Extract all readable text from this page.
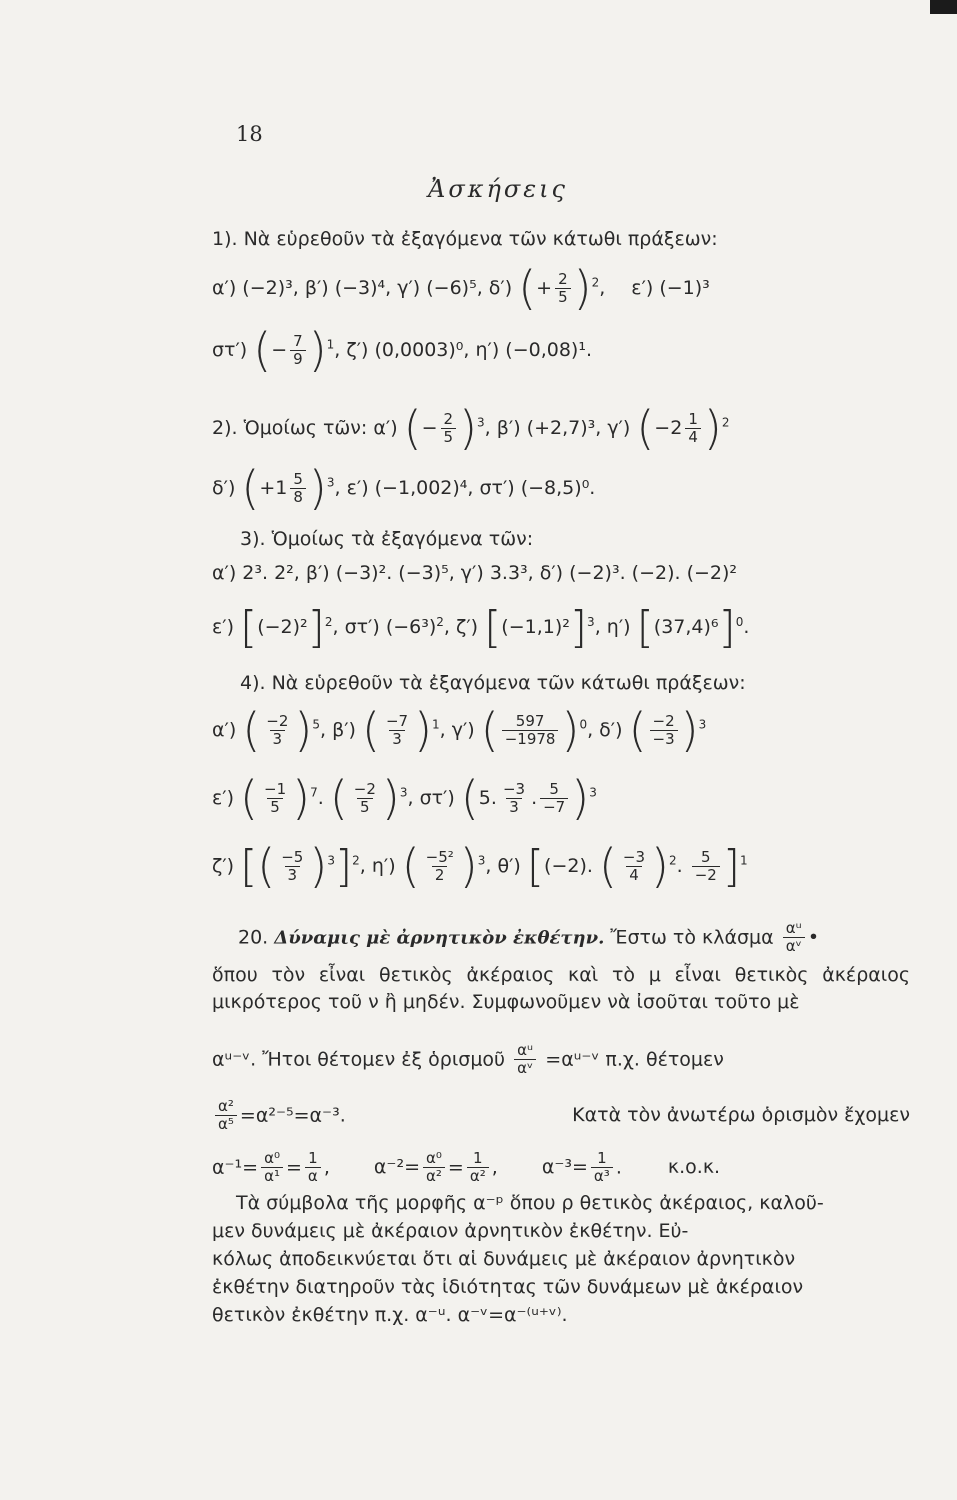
18
Ἀσκήσεις
1). Νὰ εὑρεθοῦν τὰ ἐξαγόμενα τῶν κάτωθι πράξεων:
α′) (−2)³, β′) (−3)⁴, γ′) (−6)⁵, δ′) (+ $\frac{2}{5} )^2$, ε′) (−1)³
στ′) (− $\frac{7}{9} )^1$, ζ′) (0,0003)⁰, η′) (−0,08)¹.
2). Ὁμοίως τῶν: α′) (− $\frac{2}{5} )^3$, β′) (+2,7)³, γ′) $(-2 \frac{1}{4} )^2$
δ′) $(+1 \frac{5}{8} )^3$, ε′) (−1,002)⁴, στ′) (−8,5)⁰.
3). Ὁμοίως τὰ ἐξαγόμενα τῶν:
α′) 2³. 2², β′) (−3)². (−3)⁵, γ′) 3.3³, δ′) (−2)³. (−2). (−2)²
ε′) $[(-2)^2]^2$, στ′) $(-6^3)^2$, ζ′) $[(-1,1)^2]^3$, η′) $[(37,4)^6]^0$.
4). Νὰ εὑρεθοῦν τὰ ἐξαγόμενα τῶν κάτωθι πράξεων:
α′) ( $\frac{-2}{3} )^5$, β′) ( $\frac{-7}{3} )^1$, γ′) ( $\frac{597}{-1978} )^0$, δ′) ( $\frac{-2}{-3} )^3$
ε′) ( $\frac{-1}{5} )^7$. ( $\frac{-2}{5} )^3$, στ′) (5. $\frac{-3}{3}$ . $\frac{5}{-7} )^3$
ζ′) [( $\frac{-5}{3} )^3]^2$, η′) ( $\frac{\text{−5²}}{2} )^3$, θ′) [(−2). ( $\frac{-3}{4} )^2$. $\frac{5}{-2} ]^1$
20. Δύναμις μὲ ἀρνητικὸν ἐκθέτην. Ἔστω τὸ κλάσμα $\frac{\text{αᵘ}}{\text{αᵛ}}$ •
ὅπου τὸν εἶναι θετικὸς ἀκέραιος καὶ τὸ μ εἶναι θετικὸς ἀκέραιος μικρότερος τοῦ ν ἢ μηδέν. Συμφωνοῦμεν νὰ ἰσοῦται τοῦτο μὲ
αᵘ⁻ᵛ. Ἤτοι θέτομεν ἐξ ὁρισμοῦ $\frac{\text{αᵘ}}{\text{αᵛ}}$ =αᵘ⁻ᵛ π.χ. θέτομεν
$\frac{\text{α²}}{\text{α⁵}} =\alpha^{2-5}=\alpha^{-3}$.	Κατὰ τὸν ἀνωτέρω ὁρισμὸν ἔχομεν
$\alpha^{-1}= \frac{\text{α⁰}}{\text{α¹}} = \frac{1}{\alpha}$ , $\alpha^{-2}= \frac{\text{α⁰}}{\text{α²}} = \frac{1}{\text{α²}}$ , $\alpha^{-3}= \frac{1}{\text{α³}}$ . κ.ο.κ.
Τὰ σύμβολα τῆς μορφῆς α⁻ᵖ ὅπου ρ θετικὸς ἀκέραιος, καλοῦ-
μεν δυνάμεις μὲ ἀκέραιον ἀρνητικὸν ἐκθέτην. Εὐ-
κόλως ἀποδεικνύεται ὅτι αἱ δυνάμεις μὲ ἀκέραιον ἀρνητικὸν
ἐκθέτην διατηροῦν τὰς ἰδιότητας τῶν δυνάμεων μὲ ἀκέραιον
θετικὸν ἐκθέτην π.χ. α⁻ᵘ. α⁻ᵛ=α⁻⁽ᵘ⁺ᵛ⁾.
